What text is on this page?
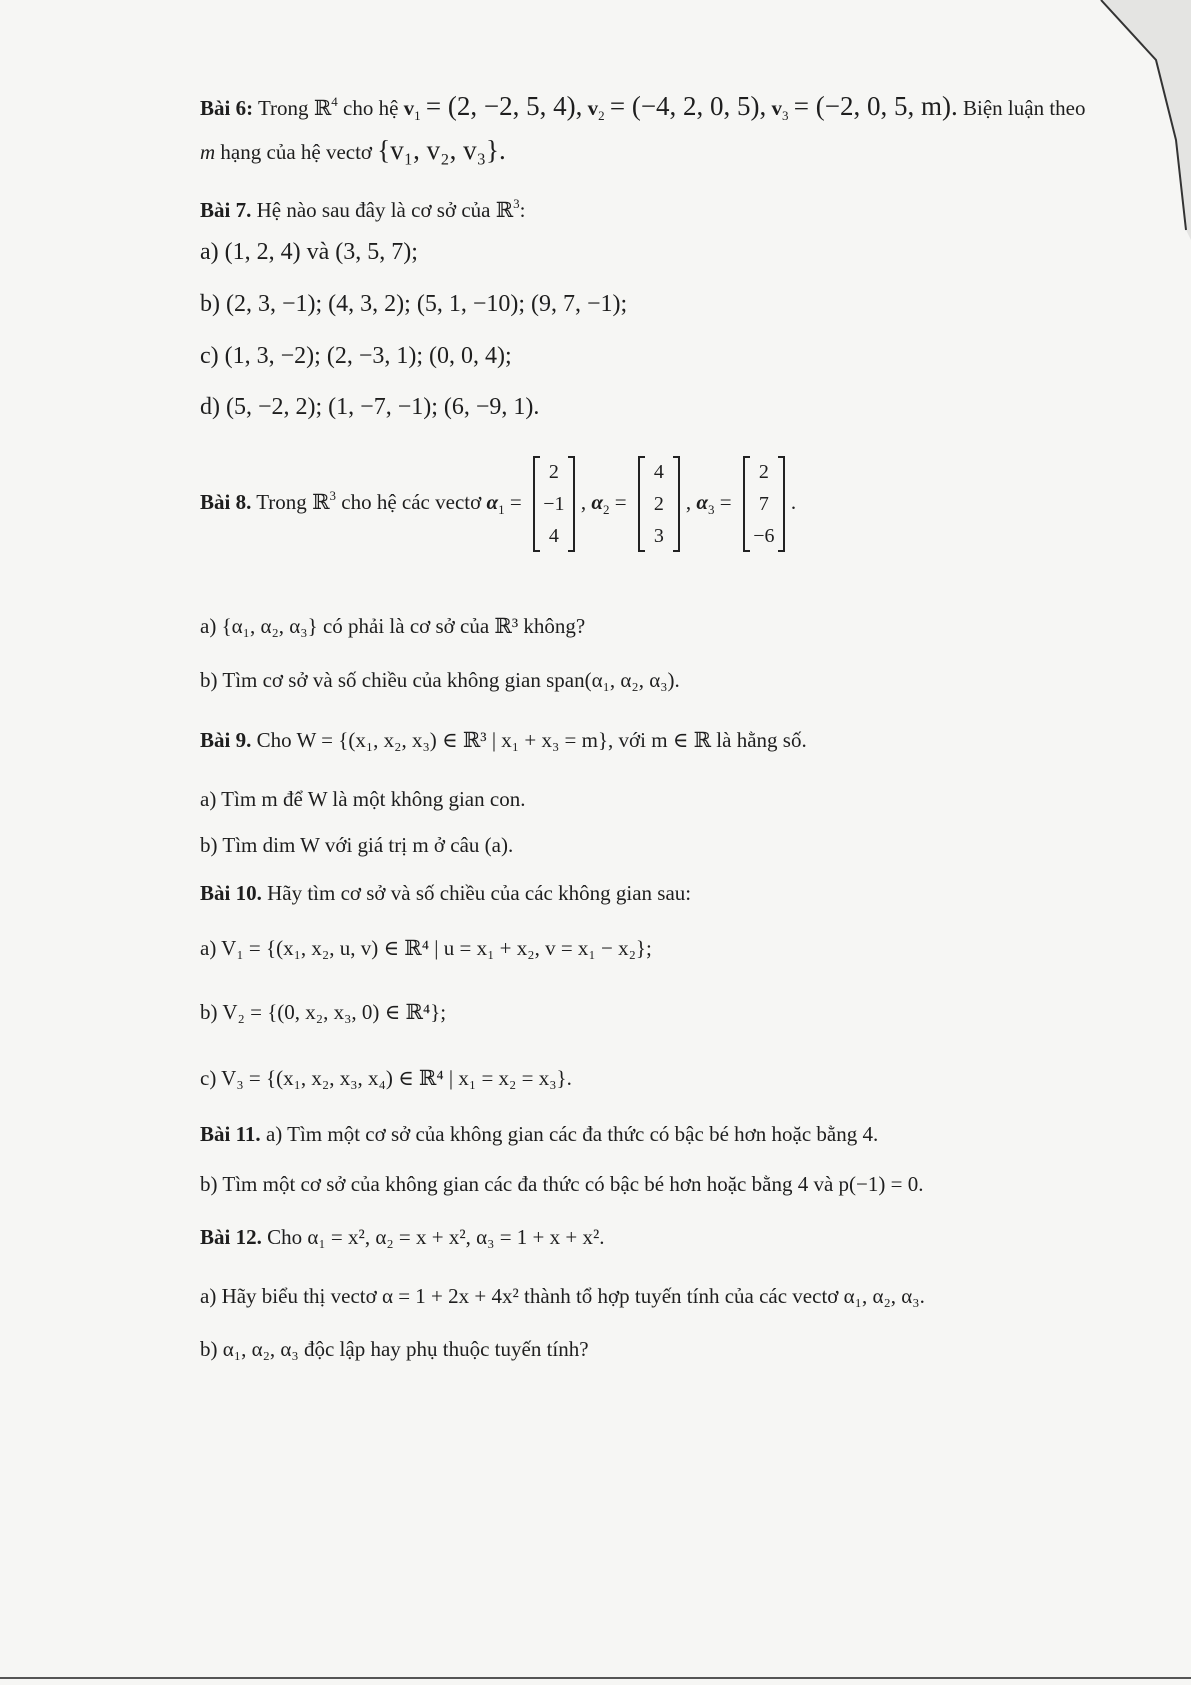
Bài 6: Trong ℝ$^4$ cho hệ $v_1 = (2$, −2, 5, 4), $v_2 = (-4$, 2, 0, 5), $v_3 = (-2$, 0, 5, m). Biện luận theo
m hạng của hệ vectơ {v₁, v₂, v₃}.
Bài 7. Hệ nào sau đây là cơ sở của ℝ$^3$:
a) (1, 2, 4) và (3, 5, 7);
b) (2, 3, −1); (4, 3, 2); (5, 1, −10); (9, 7, −1);
c) (1, 3, −2); (2, −3, 1); (0, 0, 4);
d) (5, −2, 2); (1, −7, −1); (6, −9, 1).
Bài 8. Trong ℝ$^3$ cho hệ các vectơ $\alpha_1$ =
2
−1
4
, $\alpha_2$ =
4
2
3
, $\alpha_3$ =
2
7
−6
.
a) {α₁, α₂, α₃} có phải là cơ sở của ℝ³ không?
b) Tìm cơ sở và số chiều của không gian span(α₁, α₂, α₃).
Bài 9. Cho W = {(x₁, x₂, x₃) ∈ ℝ³ | x₁ + x₃ = m}, với m ∈ ℝ là hằng số.
a) Tìm m để W là một không gian con.
b) Tìm dim W với giá trị m ở câu (a).
Bài 10. Hãy tìm cơ sở và số chiều của các không gian sau:
a) V₁ = {(x₁, x₂, u, v) ∈ ℝ⁴ | u = x₁ + x₂, v = x₁ − x₂};
b) V₂ = {(0, x₂, x₃, 0) ∈ ℝ⁴};
c) V₃ = {(x₁, x₂, x₃, x₄) ∈ ℝ⁴ | x₁ = x₂ = x₃}.
Bài 11. a) Tìm một cơ sở của không gian các đa thức có bậc bé hơn hoặc bằng 4.
b) Tìm một cơ sở của không gian các đa thức có bậc bé hơn hoặc bằng 4 và p(−1) = 0.
Bài 12. Cho α₁ = x², α₂ = x + x², α₃ = 1 + x + x².
a) Hãy biểu thị vectơ α = 1 + 2x + 4x² thành tổ hợp tuyến tính của các vectơ α₁, α₂, α₃.
b) α₁, α₂, α₃ độc lập hay phụ thuộc tuyến tính?
